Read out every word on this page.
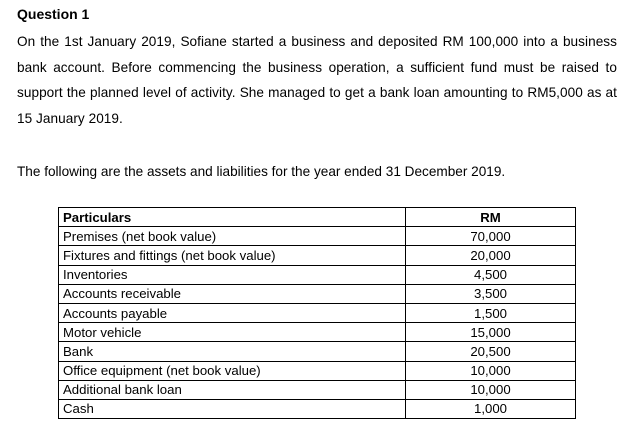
Question 1

On the 1st January 2019, Sofiane started a business and deposited RM 100,000 into a business bank account. Before commencing the business operation, a sufficient fund must be raised to support the planned level of activity. She managed to get a bank loan amounting to RM5,000 as at 15 January 2019.

The following are the assets and liabilities for the year ended 31 December 2019.

Particulars	RM
Premises (net book value)	70,000
Fixtures and fittings (net book value)	20,000
Inventories	4,500
Accounts receivable	3,500
Accounts payable	1,500
Motor vehicle	15,000
Bank	20,500
Office equipment (net book value)	10,000
Additional bank loan	10,000
Cash	1,000
